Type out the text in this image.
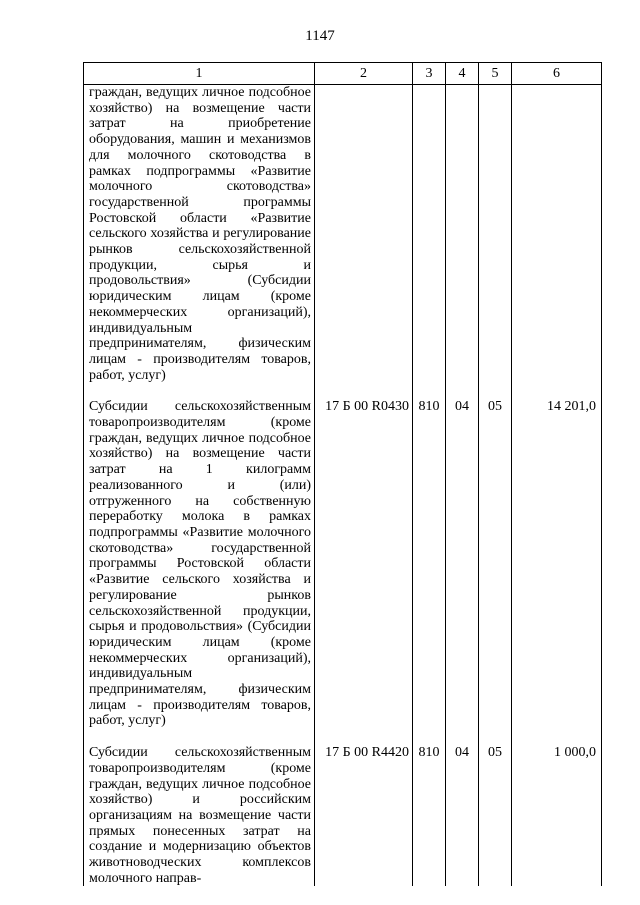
1147
1	2	3	4	5	6

граждан, ведущих личное подсобное хозяйство) на возмещение части затрат на приобретение оборудования, машин и механизмов для молочного скотоводства в рамках подпрограммы «Развитие молочного скотоводства» государственной программы Ростовской области «Развитие сельского хозяйства и регулирование рынков сельскохозяйственной продукции, сырья и продовольствия» (Субсидии юридическим лицам (кроме некоммерческих организаций), индивидуальным предпринимателям, физическим лицам - производителям товаров, работ, услуг)					

Субсидии сельскохозяйственным товаропроизводителям (кроме граждан, ведущих личное подсобное хозяйство) на возмещение части затрат на 1 килограмм реализованного и (или) отгруженного на собственную переработку молока в рамках подпрограммы «Развитие молочного скотоводства» государственной программы Ростовской области «Развитие сельского хозяйства и регулирование рынков сельскохозяйственной продукции, сырья и продовольствия» (Субсидии юридическим лицам (кроме некоммерческих организаций), индивидуальным предпринимателям, физическим лицам - производителям товаров, работ, услуг)	17 Б 00 R0430	810	04	05	14 201,0

Субсидии сельскохозяйственным товаропроизводителям (кроме граждан, ведущих личное подсобное хозяйство) и российским организациям на возмещение части прямых понесенных затрат на создание и модернизацию объектов животноводческих комплексов молочного направ-	17 Б 00 R4420	810	04	05	1 000,0
